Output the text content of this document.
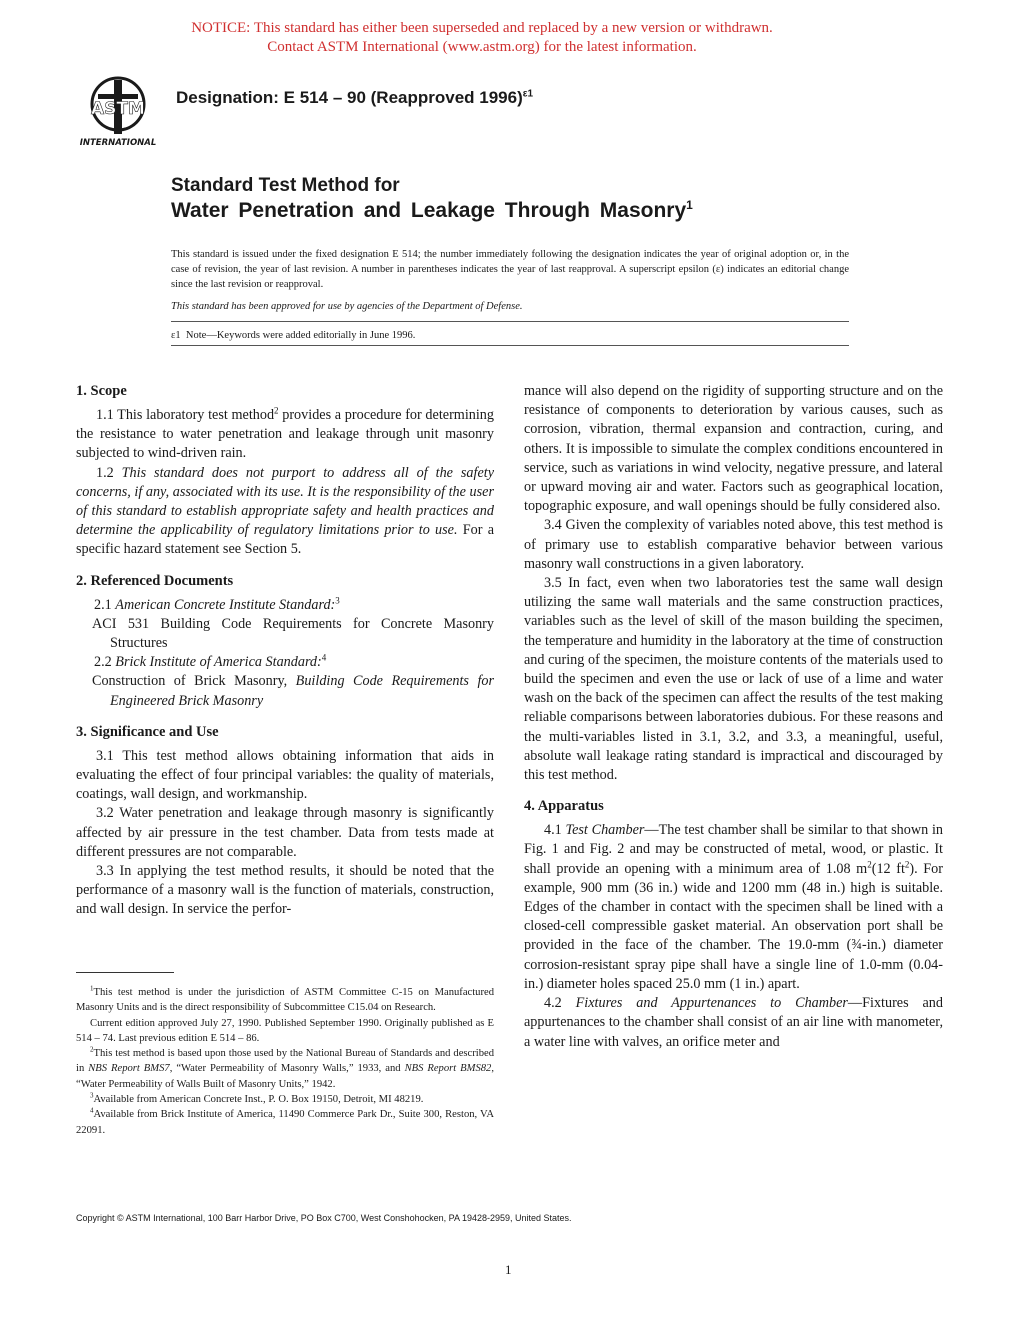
NOTICE: This standard has either been superseded and replaced by a new version or withdrawn.
Contact ASTM International (www.astm.org) for the latest information.
ASTM
INTERNATIONAL
Designation: E 514 – 90 (Reapproved 1996)$^{\varepsilon 1}$
Standard Test Method for
Water Penetration and Leakage Through Masonry$^1$
This standard is issued under the fixed designation E 514; the number immediately following the designation indicates the year of original adoption or, in the case of revision, the year of last revision. A number in parentheses indicates the year of last reapproval. A superscript epsilon (ε) indicates an editorial change since the last revision or reapproval.
This standard has been approved for use by agencies of the Department of Defense.
ε1 Note—Keywords were added editorially in June 1996.
1. Scope

1.1 This laboratory test method$^2$ provides a procedure for determining the resistance to water penetration and leakage through unit masonry subjected to wind-driven rain.

1.2 This standard does not purport to address all of the safety concerns, if any, associated with its use. It is the responsibility of the user of this standard to establish appropriate safety and health practices and determine the applicability of regulatory limitations prior to use. For a specific hazard statement see Section 5.

2. Referenced Documents

2.1 American Concrete Institute Standard:$^3$

ACI 531 Building Code Requirements for Concrete Masonry Structures

2.2 Brick Institute of America Standard:$^4$

Construction of Brick Masonry, Building Code Requirements for Engineered Brick Masonry
3. Significance and Use

3.1 This test method allows obtaining information that aids in evaluating the effect of four principal variables: the quality of materials, coatings, wall design, and workmanship.

3.2 Water penetration and leakage through masonry is significantly affected by air pressure in the test chamber. Data from tests made at different pressures are not comparable.

3.3 In applying the test method results, it should be noted that the performance of a masonry wall is the function of materials, construction, and wall design. In service the perfor-

$^1$This test method is under the jurisdiction of ASTM Committee C-15 on Manufactured Masonry Units and is the direct responsibility of Subcommittee C15.04 on Research.

Current edition approved July 27, 1990. Published September 1990. Originally published as E 514 – 74. Last previous edition E 514 – 86.

$^2$This test method is based upon those used by the National Bureau of Standards and described in NBS Report BMS7, “Water Permeability of Masonry Walls,” 1933, and NBS Report BMS82, “Water Permeability of Walls Built of Masonry Units,” 1942.

$^3$Available from American Concrete Inst., P. O. Box 19150, Detroit, MI 48219.

$^4$Available from Brick Institute of America, 11490 Commerce Park Dr., Suite 300, Reston, VA 22091.

mance will also depend on the rigidity of supporting structure and on the resistance of components to deterioration by various causes, such as corrosion, vibration, thermal expansion and contraction, curing, and others. It is impossible to simulate the complex conditions encountered in service, such as variations in wind velocity, negative pressure, and lateral or upward moving air and water. Factors such as geographical location, topographic exposure, and wall openings should be fully considered also.

3.4 Given the complexity of variables noted above, this test method is of primary use to establish comparative behavior between various masonry wall constructions in a given laboratory.

3.5 In fact, even when two laboratories test the same wall design utilizing the same wall materials and the same construction practices, variables such as the level of skill of the mason building the specimen, the temperature and humidity in the laboratory at the time of construction and curing of the specimen, the moisture contents of the materials used to build the specimen and even the use or lack of use of a lime and water wash on the back of the specimen can affect the results of the test making reliable comparisons between laboratories dubious. For these reasons and the multi-variables listed in 3.1, 3.2, and 3.3, a meaningful, useful, absolute wall leakage rating standard is impractical and discouraged by this test method.

4. Apparatus

4.1 Test Chamber—The test chamber shall be similar to that shown in Fig. 1 and Fig. 2 and may be constructed of metal, wood, or plastic. It shall provide an opening with a minimum area of 1.08 $m^2(12$ $ft^2$). For example, 900 mm (36 in.) wide and 1200 mm (48 in.) high is suitable. Edges of the chamber in contact with the specimen shall be lined with a closed-cell compressible gasket material. An observation port shall be provided in the face of the chamber. The 19.0-mm (¾-in.) diameter corrosion-resistant spray pipe shall have a single line of 1.0-mm (0.04-in.) diameter holes spaced 25.0 mm (1 in.) apart.

4.2 Fixtures and Appurtenances to Chamber—Fixtures and appurtenances to the chamber shall consist of an air line with manometer, a water line with valves, an orifice meter and

Copyright © ASTM International, 100 Barr Harbor Drive, PO Box C700, West Conshohocken, PA 19428-2959, United States.
1
